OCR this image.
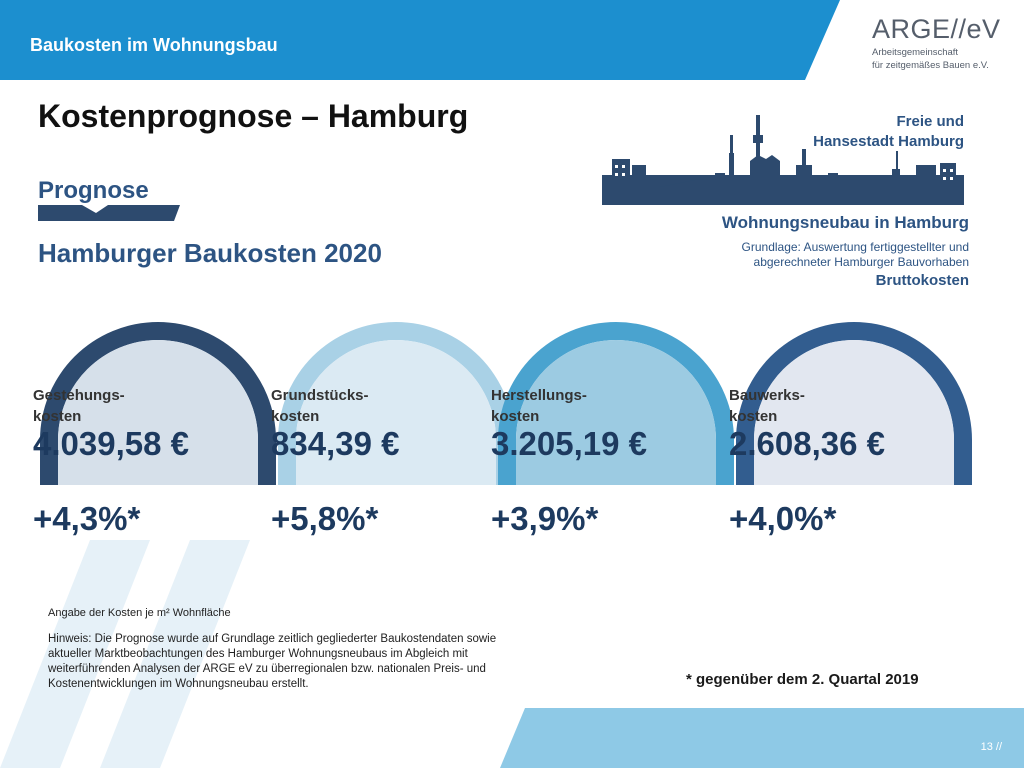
Baukosten im Wohnungsbau
ARGE//eV
Arbeitsgemeinschaft
für zeitgemäßes Bauen e.V.
Kostenprognose – Hamburg
Prognose
Hamburger Baukosten 2020
Freie und
Hansestadt Hamburg
Wohnungsneubau in Hamburg
Grundlage: Auswertung fertiggestellter und
abgerechneter Hamburger Bauvorhaben
Bruttokosten
Gestehungs-
kosten
4.039,58 €
+4,3%*
Grundstücks-
kosten
834,39 €
+5,8%*
Herstellungs-
kosten
3.205,19 €
+3,9%*
Bauwerks-
kosten
2.608,36 €
+4,0%*
Angabe der Kosten je m² Wohnfläche
Hinweis: Die Prognose wurde auf Grundlage zeitlich gegliederter Baukostendaten sowie aktueller Marktbeobachtungen des Hamburger Wohnungsneubaus im Abgleich mit weiterführenden Analysen der ARGE eV zu überregionalen bzw. nationalen Preis- und Kostenentwicklungen im Wohnungsneubau erstellt.	* gegenüber dem 2. Quartal 2019
13 //
